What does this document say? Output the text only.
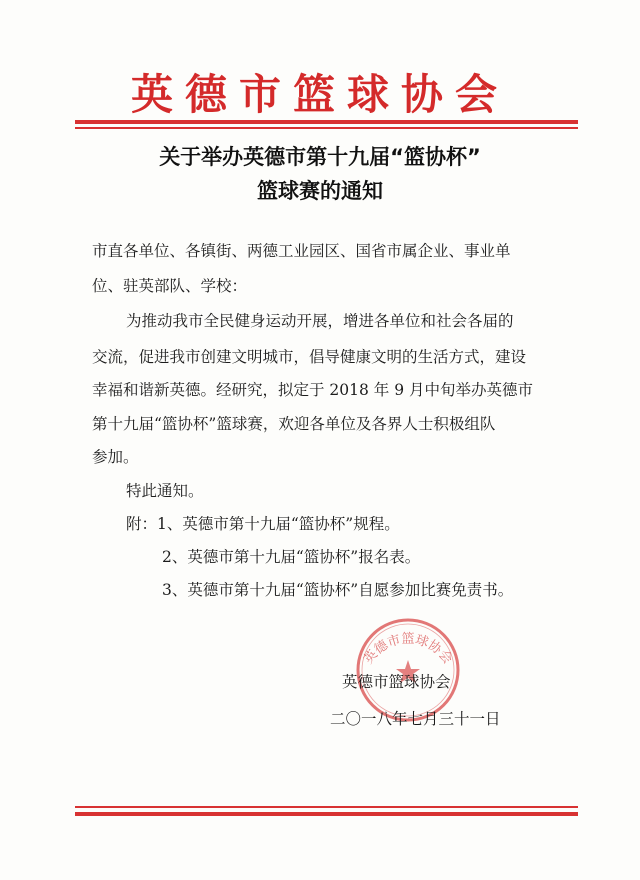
英德市篮球协会
关于举办英德市第十九届“篮协杯”
篮球赛的通知
市直各单位、各镇街、两德工业园区、国省市属企业、事业单
位、驻英部队、学校：
为推动我市全民健身运动开展，增进各单位和社会各届的
交流，促进我市创建文明城市，倡导健康文明的生活方式，建设
幸福和谐新英德。经研究，拟定于 2018 年 9 月中旬举办英德市
第十九届“篮协杯”篮球赛，欢迎各单位及各界人士积极组队
参加。
特此通知。
附：1、英德市第十九届“篮协杯”规程。
2、英德市第十九届“篮协杯”报名表。
3、英德市第十九届“篮协杯”自愿参加比赛免责书。
英德市篮球协会
英德市篮球协会
二〇一八年七月三十一日
